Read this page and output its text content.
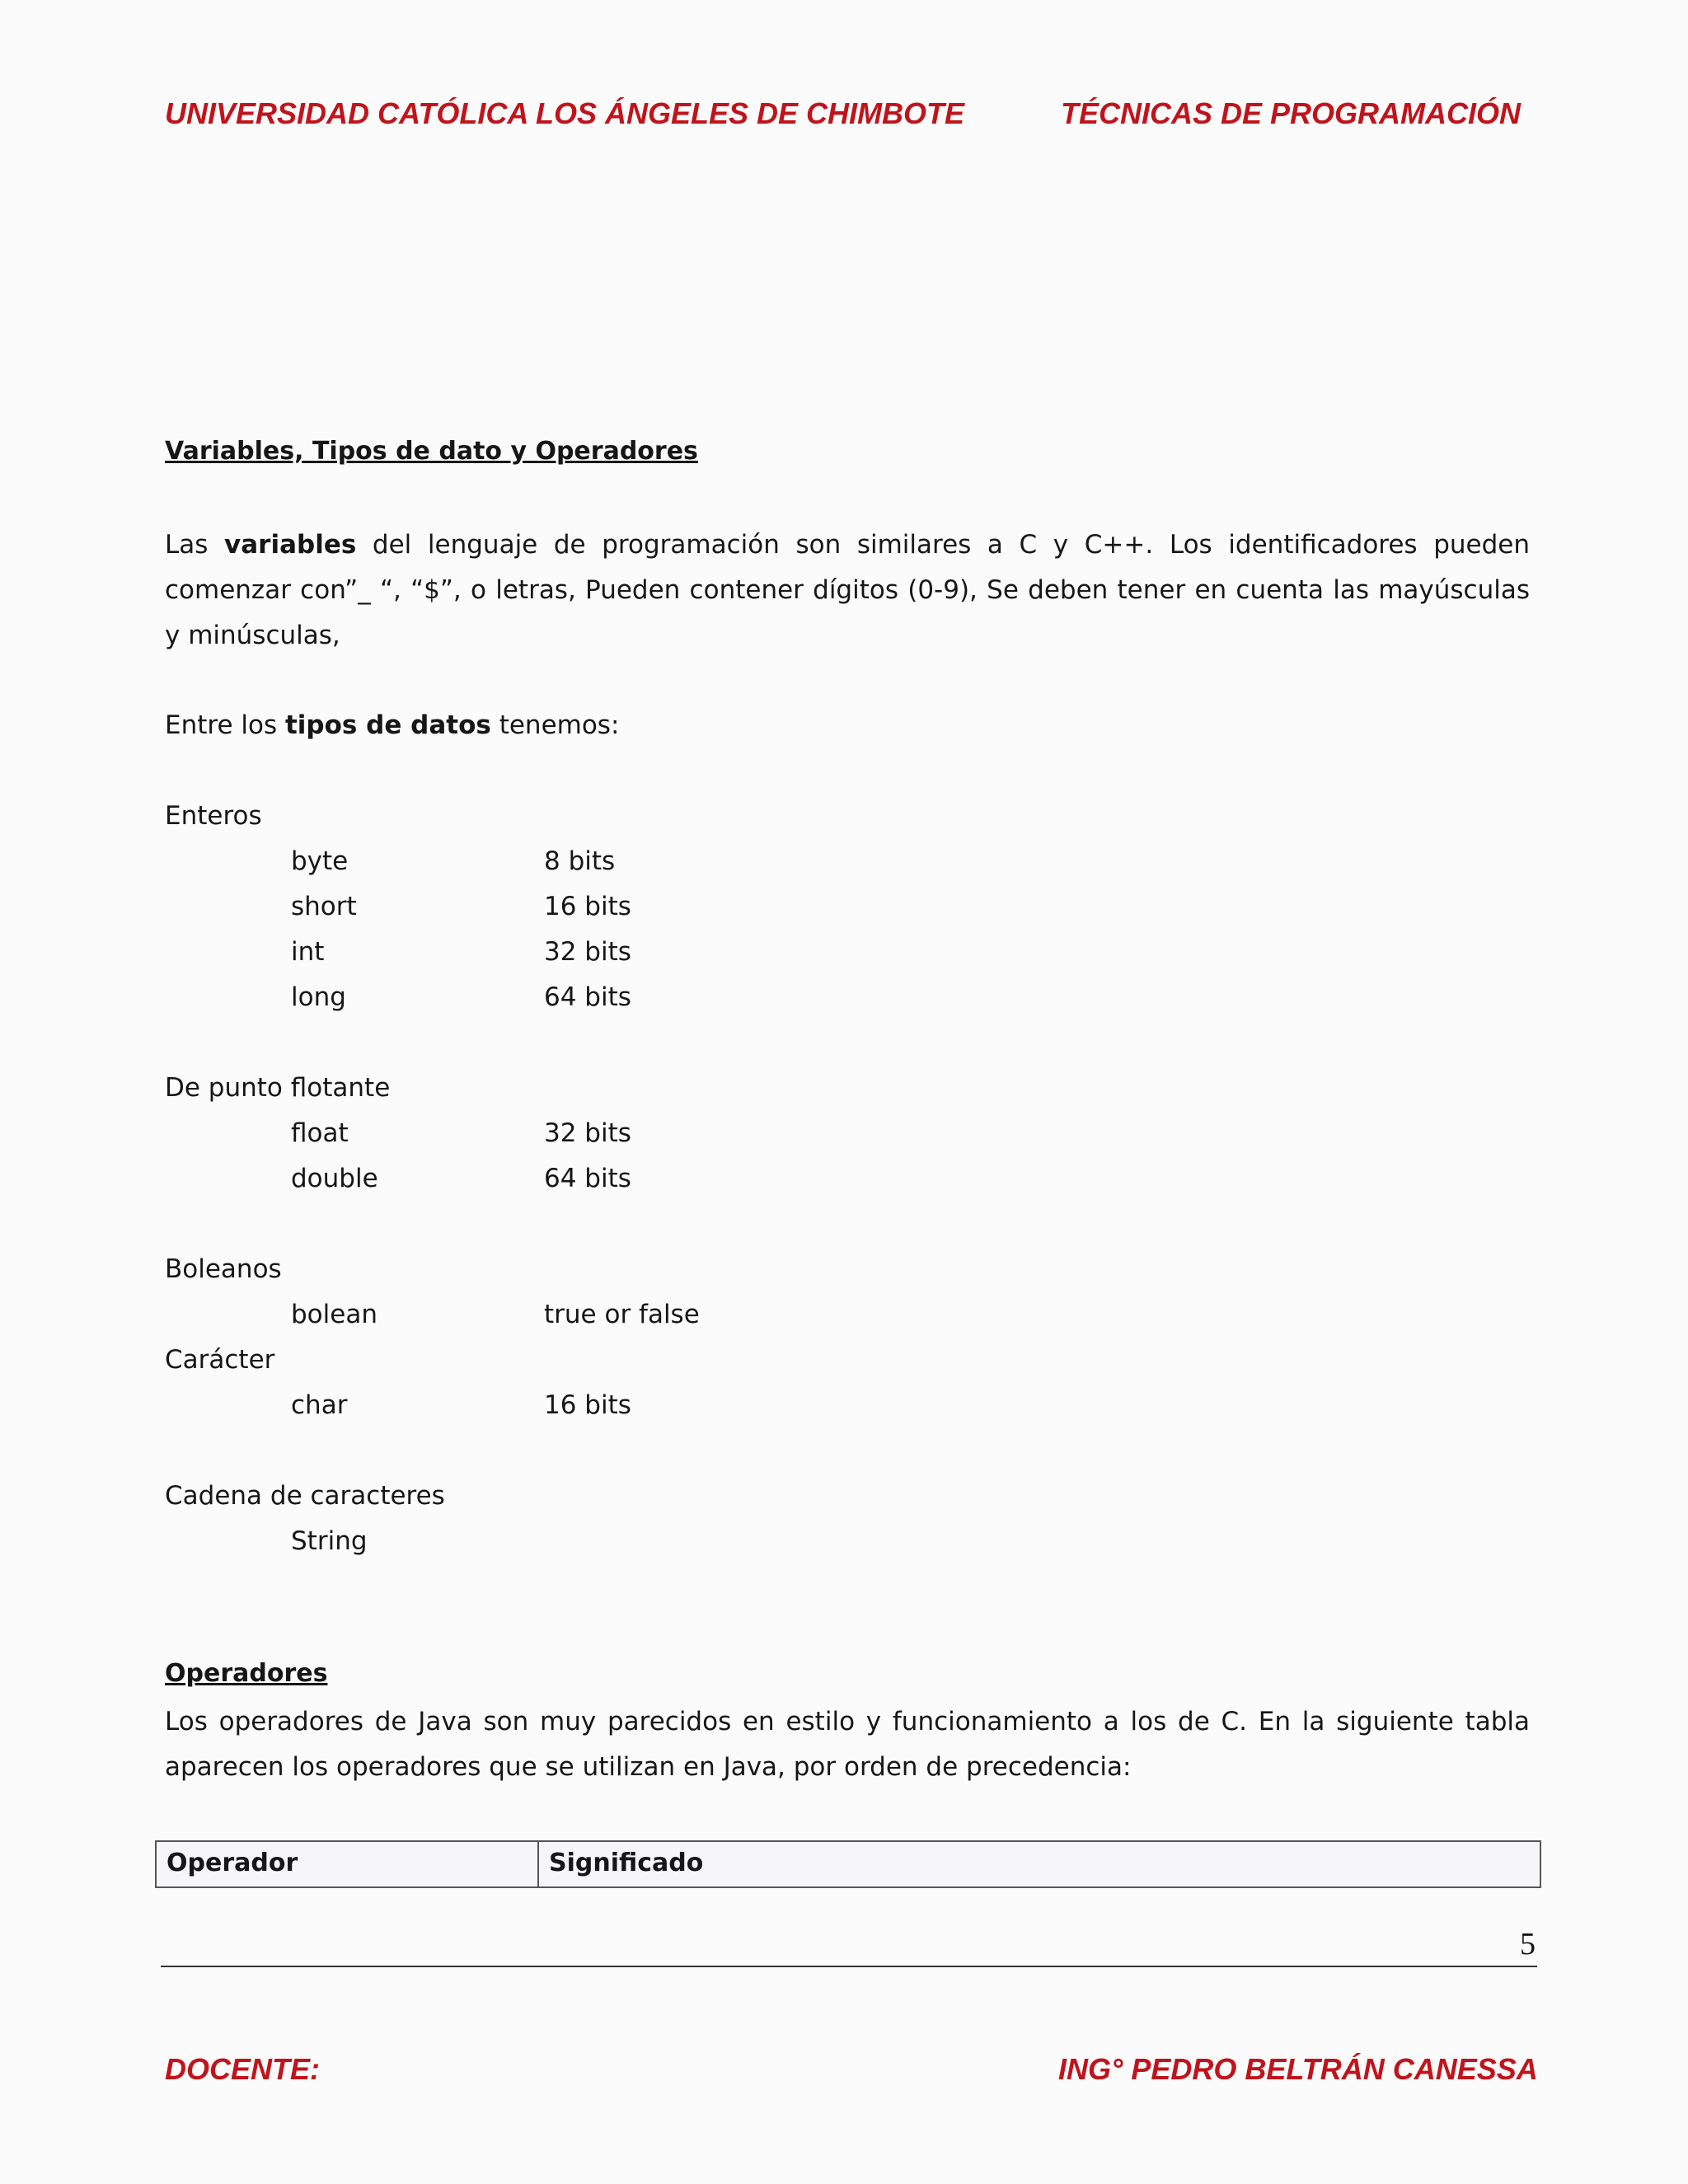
UNIVERSIDAD CATÓLICA LOS ÁNGELES DE CHIMBOTE	TÉCNICAS DE PROGRAMACIÓN
Variables, Tipos de dato y Operadores
Las variables del lenguaje de programación son similares a C y C++. Los identificadores pueden comenzar con”_ “, “$”, o letras, Pueden contener dígitos (0-9), Se deben tener en cuenta las mayúsculas y minúsculas,
Entre los tipos de datos tenemos:
Enteros
byte	8 bits
short	16 bits
int	32 bits
long	64 bits
De punto flotante
float	32 bits
double	64 bits
Boleanos
bolean	true or false
Carácter
char	16 bits
Cadena de caracteres
String
Operadores
Los operadores de Java son muy parecidos en estilo y funcionamiento a los de C. En la siguiente tabla aparecen los operadores que se utilizan en Java, por orden de precedencia:
Operador	Significado
5
DOCENTE:	ING° PEDRO BELTRÁN CANESSA
